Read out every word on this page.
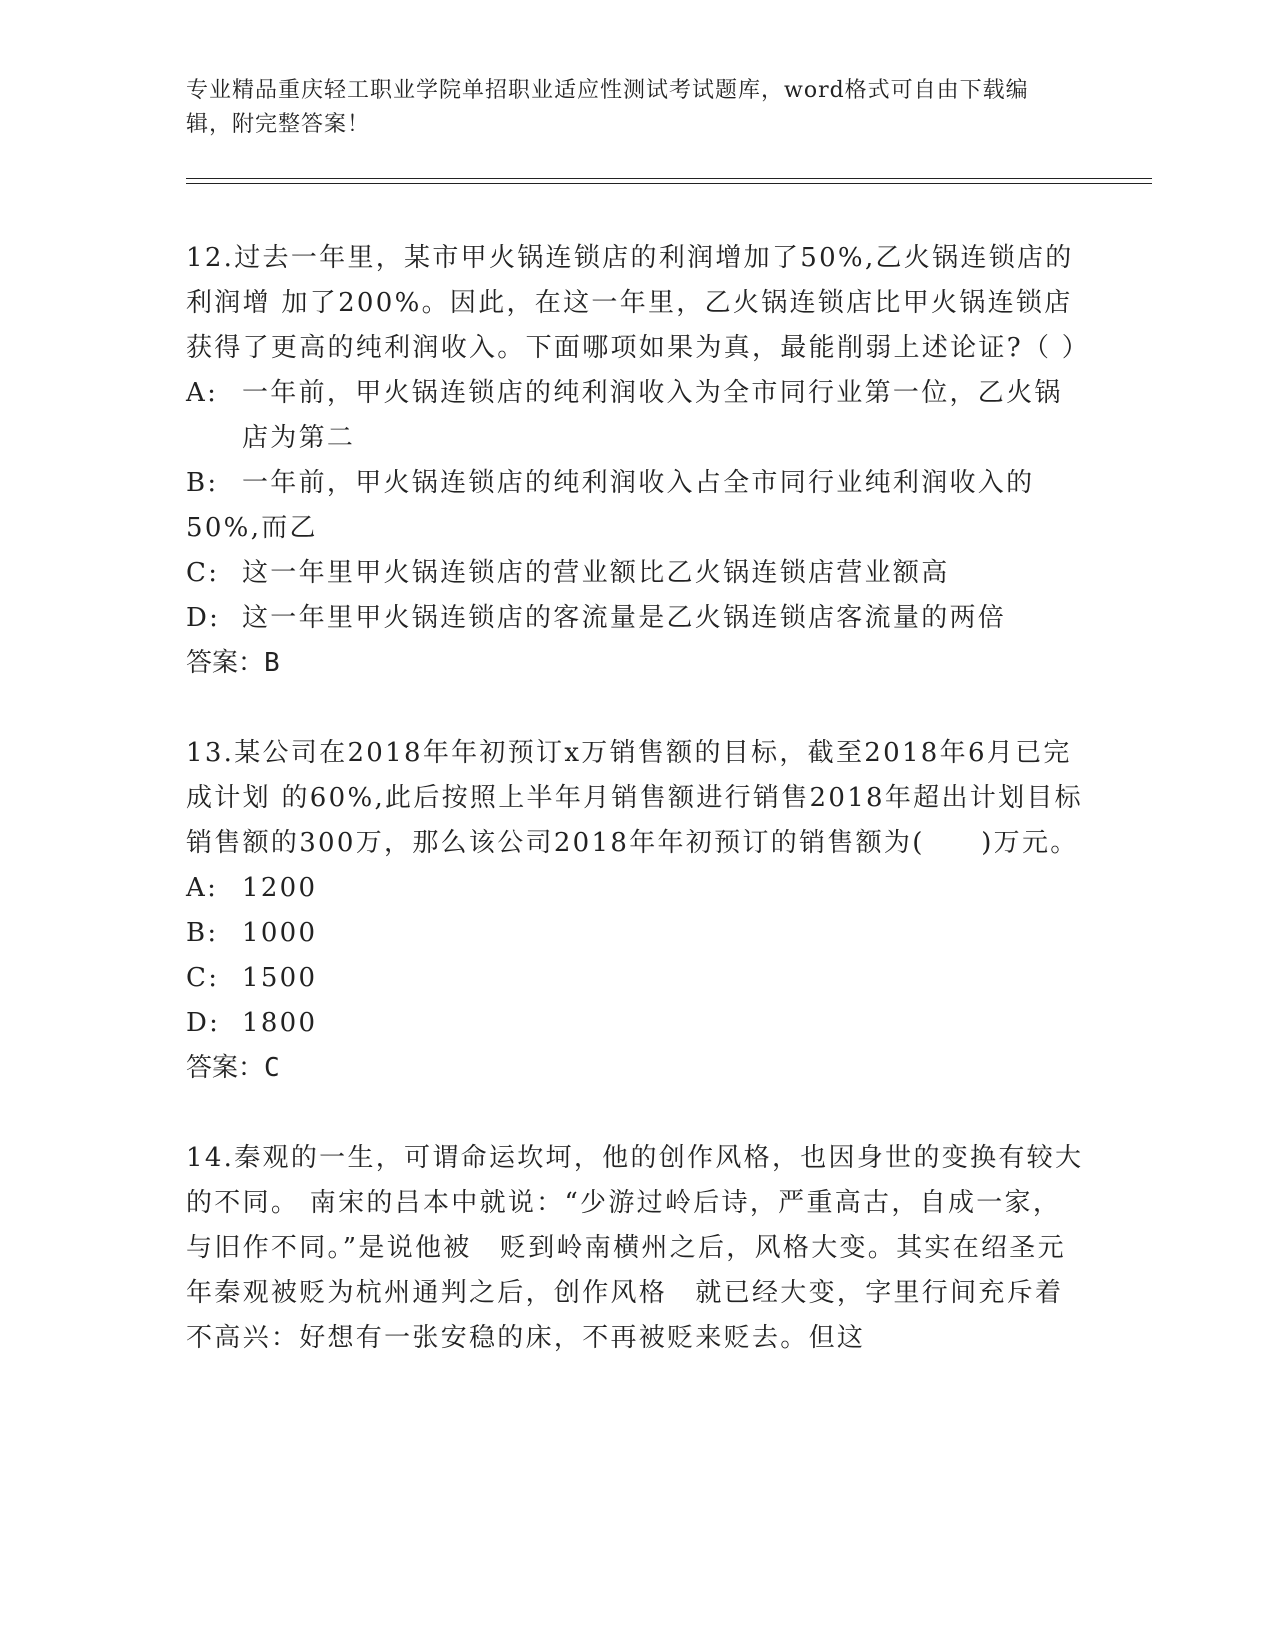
专业精品重庆轻工职业学院单招职业适应性测试考试题库，word格式可自由下载编辑，附完整答案！

12.过去一年里，某市甲火锅连锁店的利润增加了50%,乙火锅连锁店的利润增 加了200%。因此，在这一年里，乙火锅连锁店比甲火锅连锁店获得了更高的纯利润收入。下面哪项如果为真，最能削弱上述论证?（ ）

A: 一年前，甲火锅连锁店的纯利润收入为全市同行业第一位，乙火锅店为第二
B: 一年前，甲火锅连锁店的纯利润收入占全市同行业纯利润收入的50%,而乙
C: 这一年里甲火锅连锁店的营业额比乙火锅连锁店营业额高
D: 这一年里甲火锅连锁店的客流量是乙火锅连锁店客流量的两倍

答案：B

13.某公司在2018年年初预订x万销售额的目标，截至2018年6月已完成计划 的60%,此后按照上半年月销售额进行销售2018年超出计划目标销售额的300万，那么该公司2018年年初预订的销售额为(　　)万元。

A: 1200
B: 1000
C: 1500
D: 1800

答案：C

14.秦观的一生，可谓命运坎坷，他的创作风格，也因身世的变换有较大的不同。 南宋的吕本中就说：“少游过岭后诗，严重高古，自成一家，与旧作不同。”是说他被　贬到岭南横州之后，风格大变。其实在绍圣元年秦观被贬为杭州通判之后，创作风格　就已经大变，字里行间充斥着不高兴：好想有一张安稳的床，不再被贬来贬去。但这
